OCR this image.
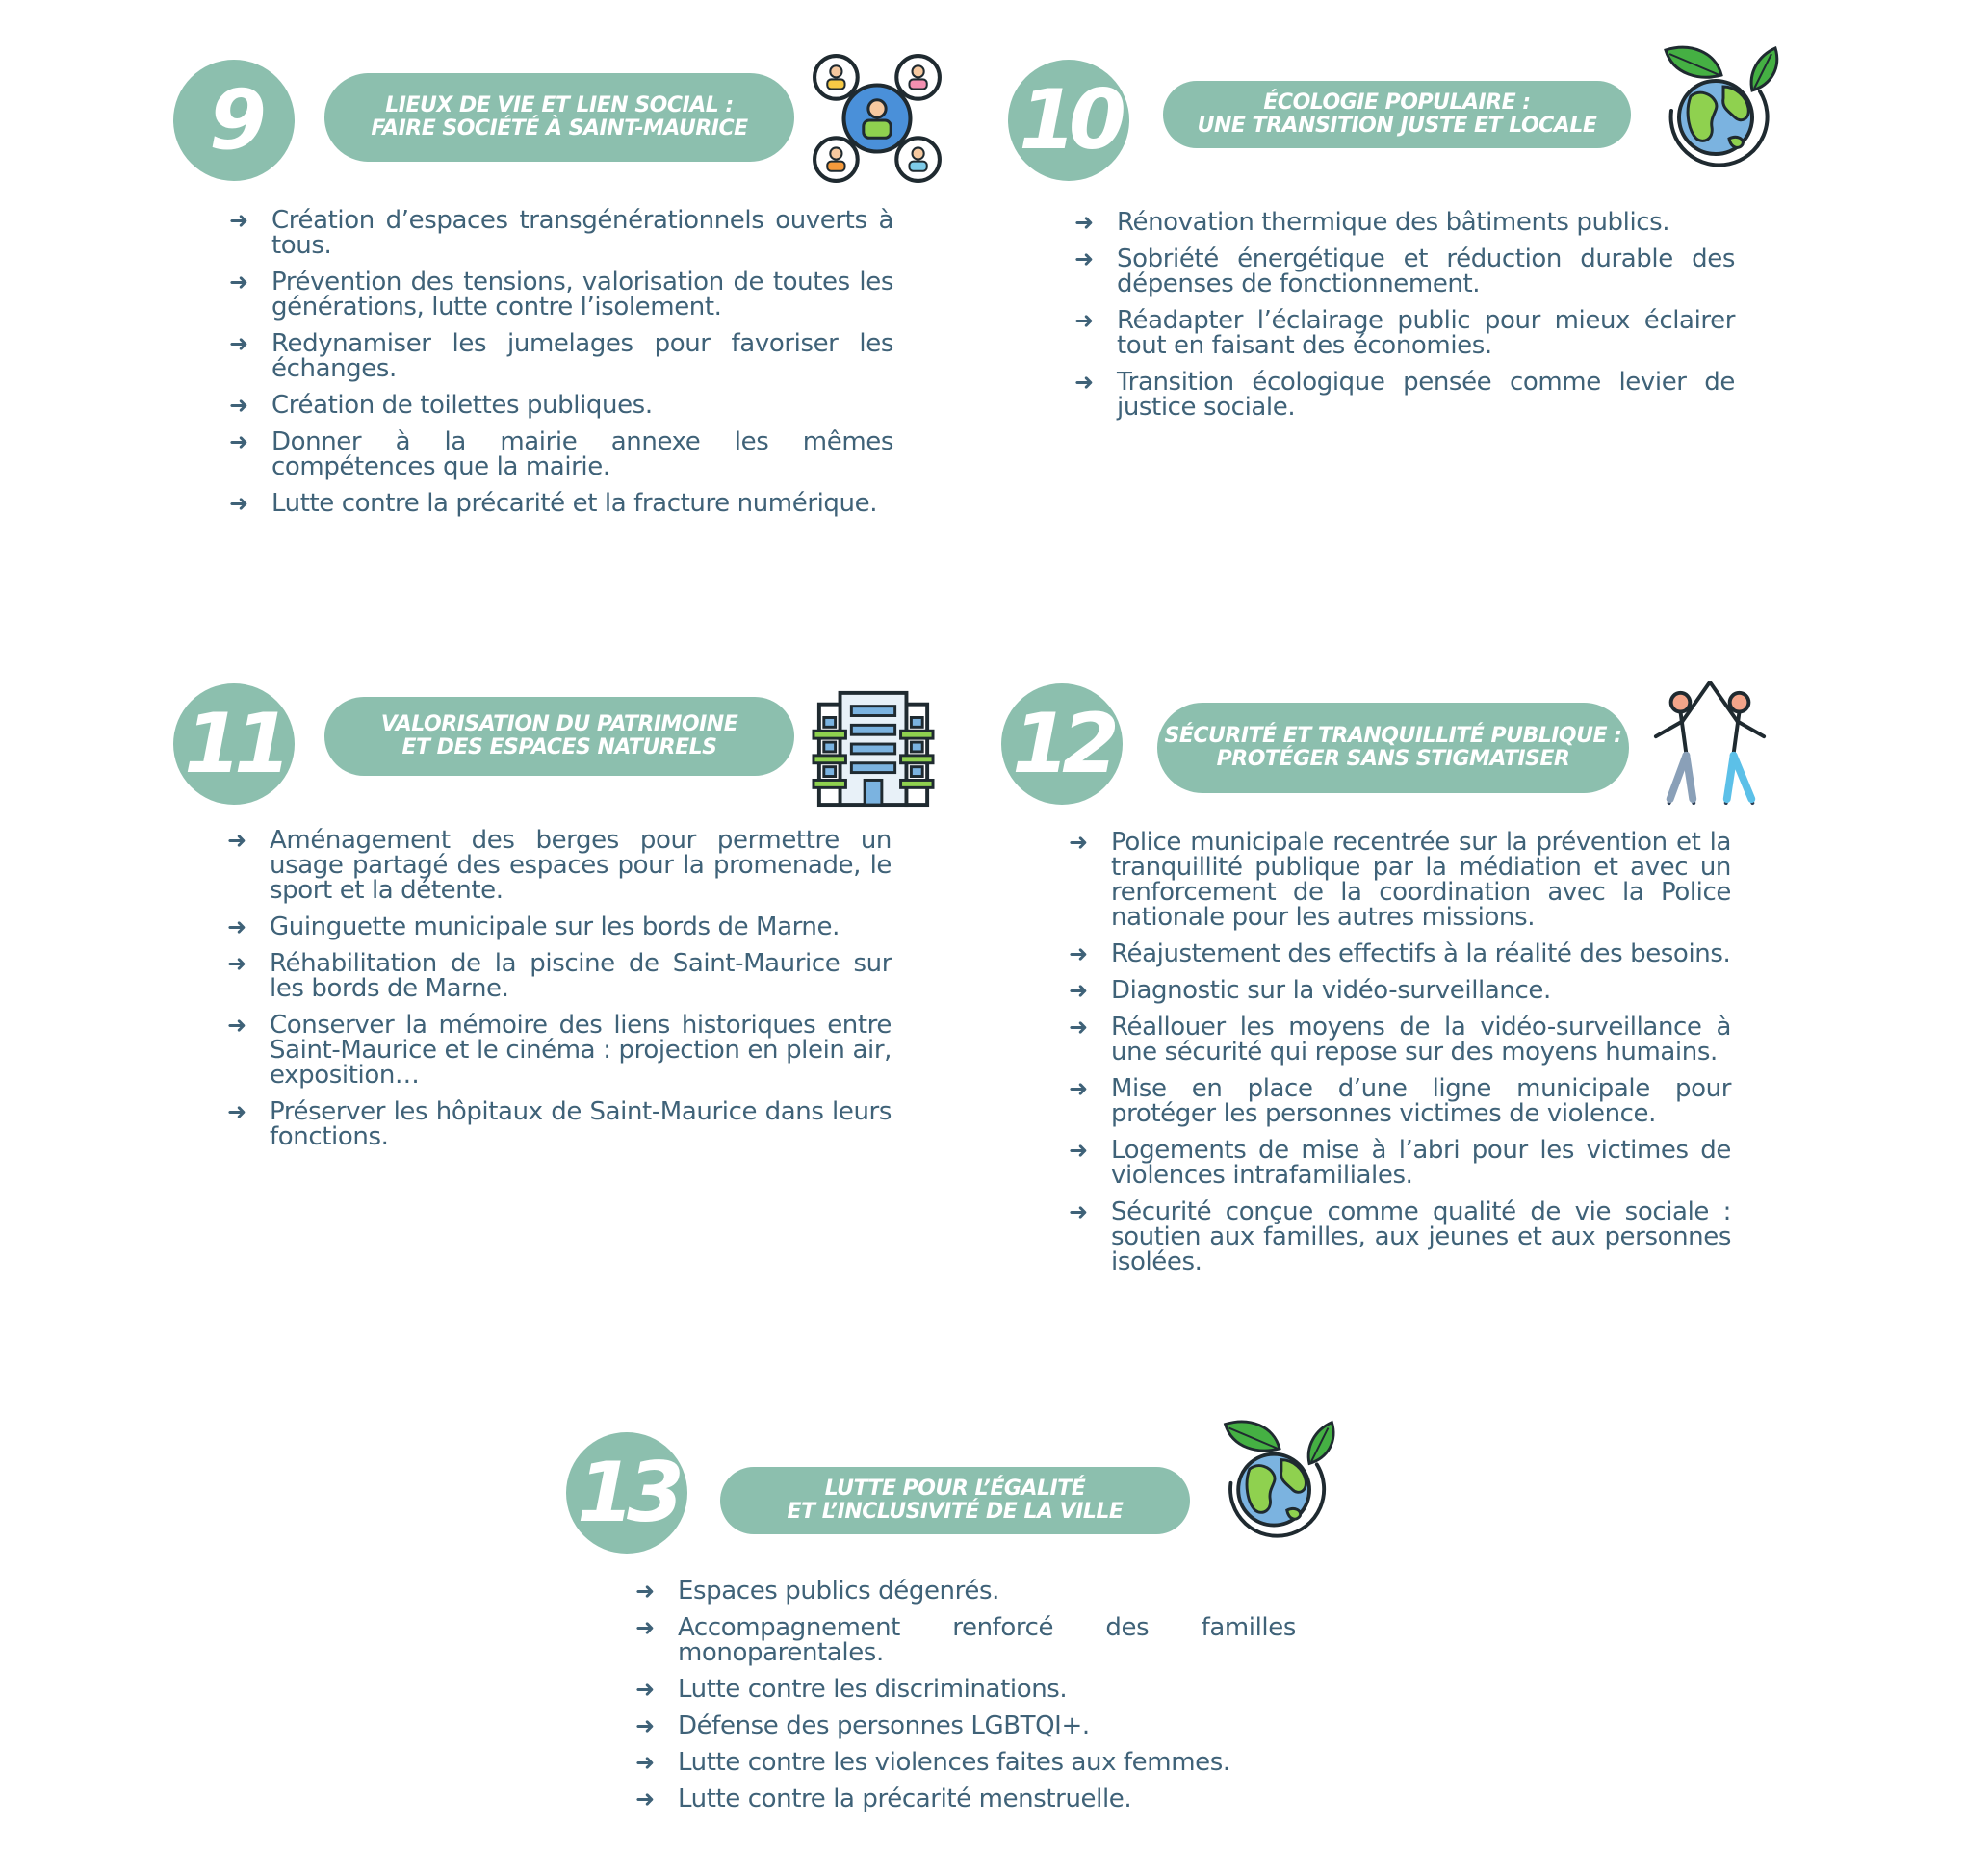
9	LIEUX DE VIE ET LIEN SOCIAL :
FAIRE SOCIÉTÉ À SAINT-MAURICE
➜ Création d’espaces transgénérationnels ouverts à tous.
➜ Prévention des tensions, valorisation de toutes les générations, lutte contre l’isolement.
➜ Redynamiser les jumelages pour favoriser les échanges.
➜ Création de toilettes publiques.
➜ Donner à la mairie annexe les mêmes compétences que la mairie.
➜ Lutte contre la précarité et la fracture numérique.
10	ÉCOLOGIE POPULAIRE :
UNE TRANSITION JUSTE ET LOCALE
➜ Rénovation thermique des bâtiments publics.
➜ Sobriété énergétique et réduction durable des dépenses de fonctionnement.
➜ Réadapter l’éclairage public pour mieux éclairer tout en faisant des économies.
➜ Transition écologique pensée comme levier de justice sociale.
11	VALORISATION DU PATRIMOINE
ET DES ESPACES NATURELS
➜ Aménagement des berges pour permettre un usage partagé des espaces pour la promenade, le sport et la détente.
➜ Guinguette municipale sur les bords de Marne.
➜ Réhabilitation de la piscine de Saint-Maurice sur les bords de Marne.
➜ Conserver la mémoire des liens historiques entre Saint-Maurice et le cinéma : projection en plein air, exposition…
➜ Préserver les hôpitaux de Saint-Maurice dans leurs fonctions.
12	SÉCURITÉ ET TRANQUILLITÉ PUBLIQUE :
PROTÉGER SANS STIGMATISER
➜ Police municipale recentrée sur la prévention et la tranquillité publique par la médiation et avec un renforcement de la coordination avec la Police nationale pour les autres missions.
➜ Réajustement des effectifs à la réalité des besoins.
➜ Diagnostic sur la vidéo-surveillance.
➜ Réallouer les moyens de la vidéo-surveillance à une sécurité qui repose sur des moyens humains.
➜ Mise en place d’une ligne municipale pour protéger les personnes victimes de violence.
➜ Logements de mise à l’abri pour les victimes de violences intrafamiliales.
➜ Sécurité conçue comme qualité de vie sociale : soutien aux familles, aux jeunes et aux personnes isolées.
13	LUTTE POUR L’ÉGALITÉ
ET L’INCLUSIVITÉ DE LA VILLE
➜ Espaces publics dégenrés.
➜ Accompagnement renforcé des familles monoparentales.
➜ Lutte contre les discriminations.
➜ Défense des personnes LGBTQI+.
➜ Lutte contre les violences faites aux femmes.
➜ Lutte contre la précarité menstruelle.
